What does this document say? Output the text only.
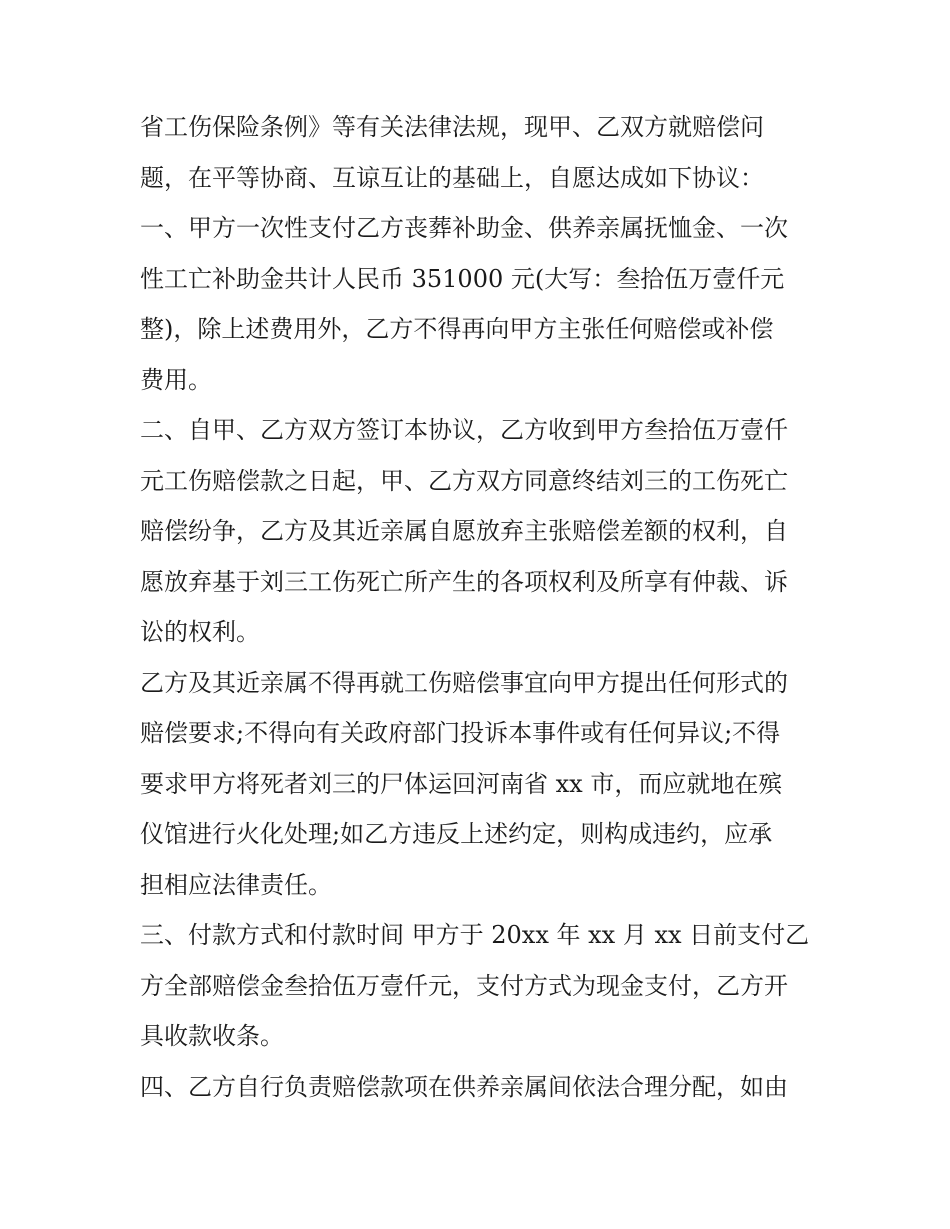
省工伤保险条例》等有关法律法规，现甲、乙双方就赔偿问
题，在平等协商、互谅互让的基础上，自愿达成如下协议：
一、甲方一次性支付乙方丧葬补助金、供养亲属抚恤金、一次
性工亡补助金共计人民币 351000 元(大写：叁拾伍万壹仟元
整)，除上述费用外，乙方不得再向甲方主张任何赔偿或补偿
费用。
二、自甲、乙方双方签订本协议，乙方收到甲方叁拾伍万壹仟
元工伤赔偿款之日起，甲、乙方双方同意终结刘三的工伤死亡
赔偿纷争，乙方及其近亲属自愿放弃主张赔偿差额的权利，自
愿放弃基于刘三工伤死亡所产生的各项权利及所享有仲裁、诉
讼的权利。
乙方及其近亲属不得再就工伤赔偿事宜向甲方提出任何形式的
赔偿要求;不得向有关政府部门投诉本事件或有任何异议;不得
要求甲方将死者刘三的尸体运回河南省 xx 市，而应就地在殡
仪馆进行火化处理;如乙方违反上述约定，则构成违约，应承
担相应法律责任。
三、付款方式和付款时间 甲方于 20xx 年 xx 月 xx 日前支付乙
方全部赔偿金叁拾伍万壹仟元，支付方式为现金支付，乙方开
具收款收条。
四、乙方自行负责赔偿款项在供养亲属间依法合理分配，如由
